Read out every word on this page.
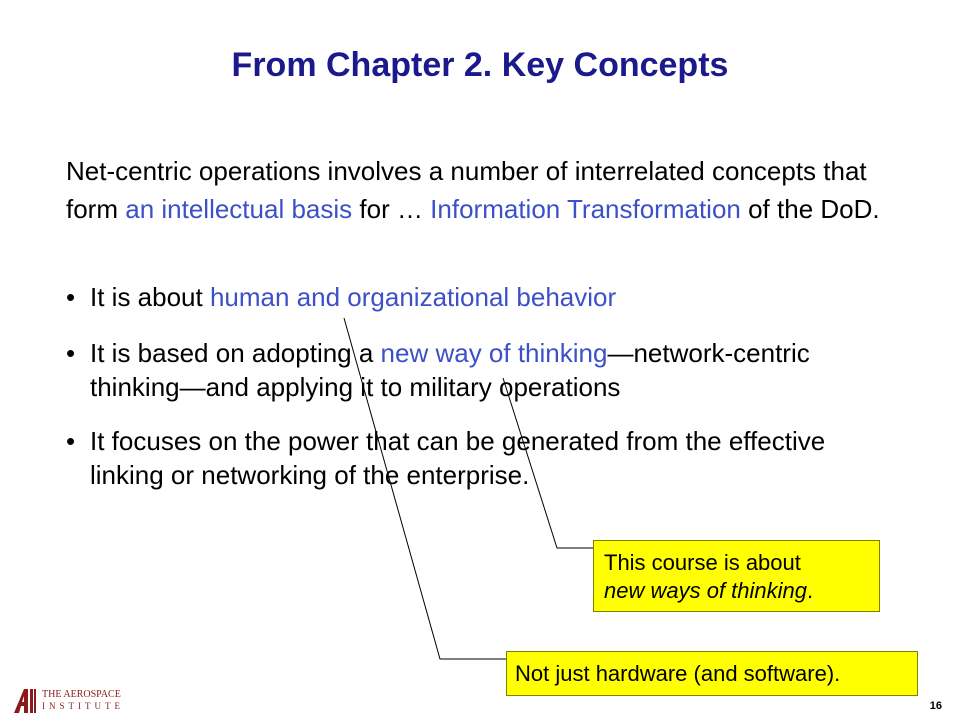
From Chapter 2. Key Concepts
Net-centric operations involves a number of interrelated concepts that form an intellectual basis for … Information Transformation of the DoD.
• It is about human and organizational behavior
• It is based on adopting a new way of thinking—network-centric thinking—and applying it to military operations
• It focuses on the power that can be generated from the effective linking or networking of the enterprise.
This course is about
new ways of thinking.
Not just hardware (and software).
THE AEROSPACE
INSTITUTE	16
